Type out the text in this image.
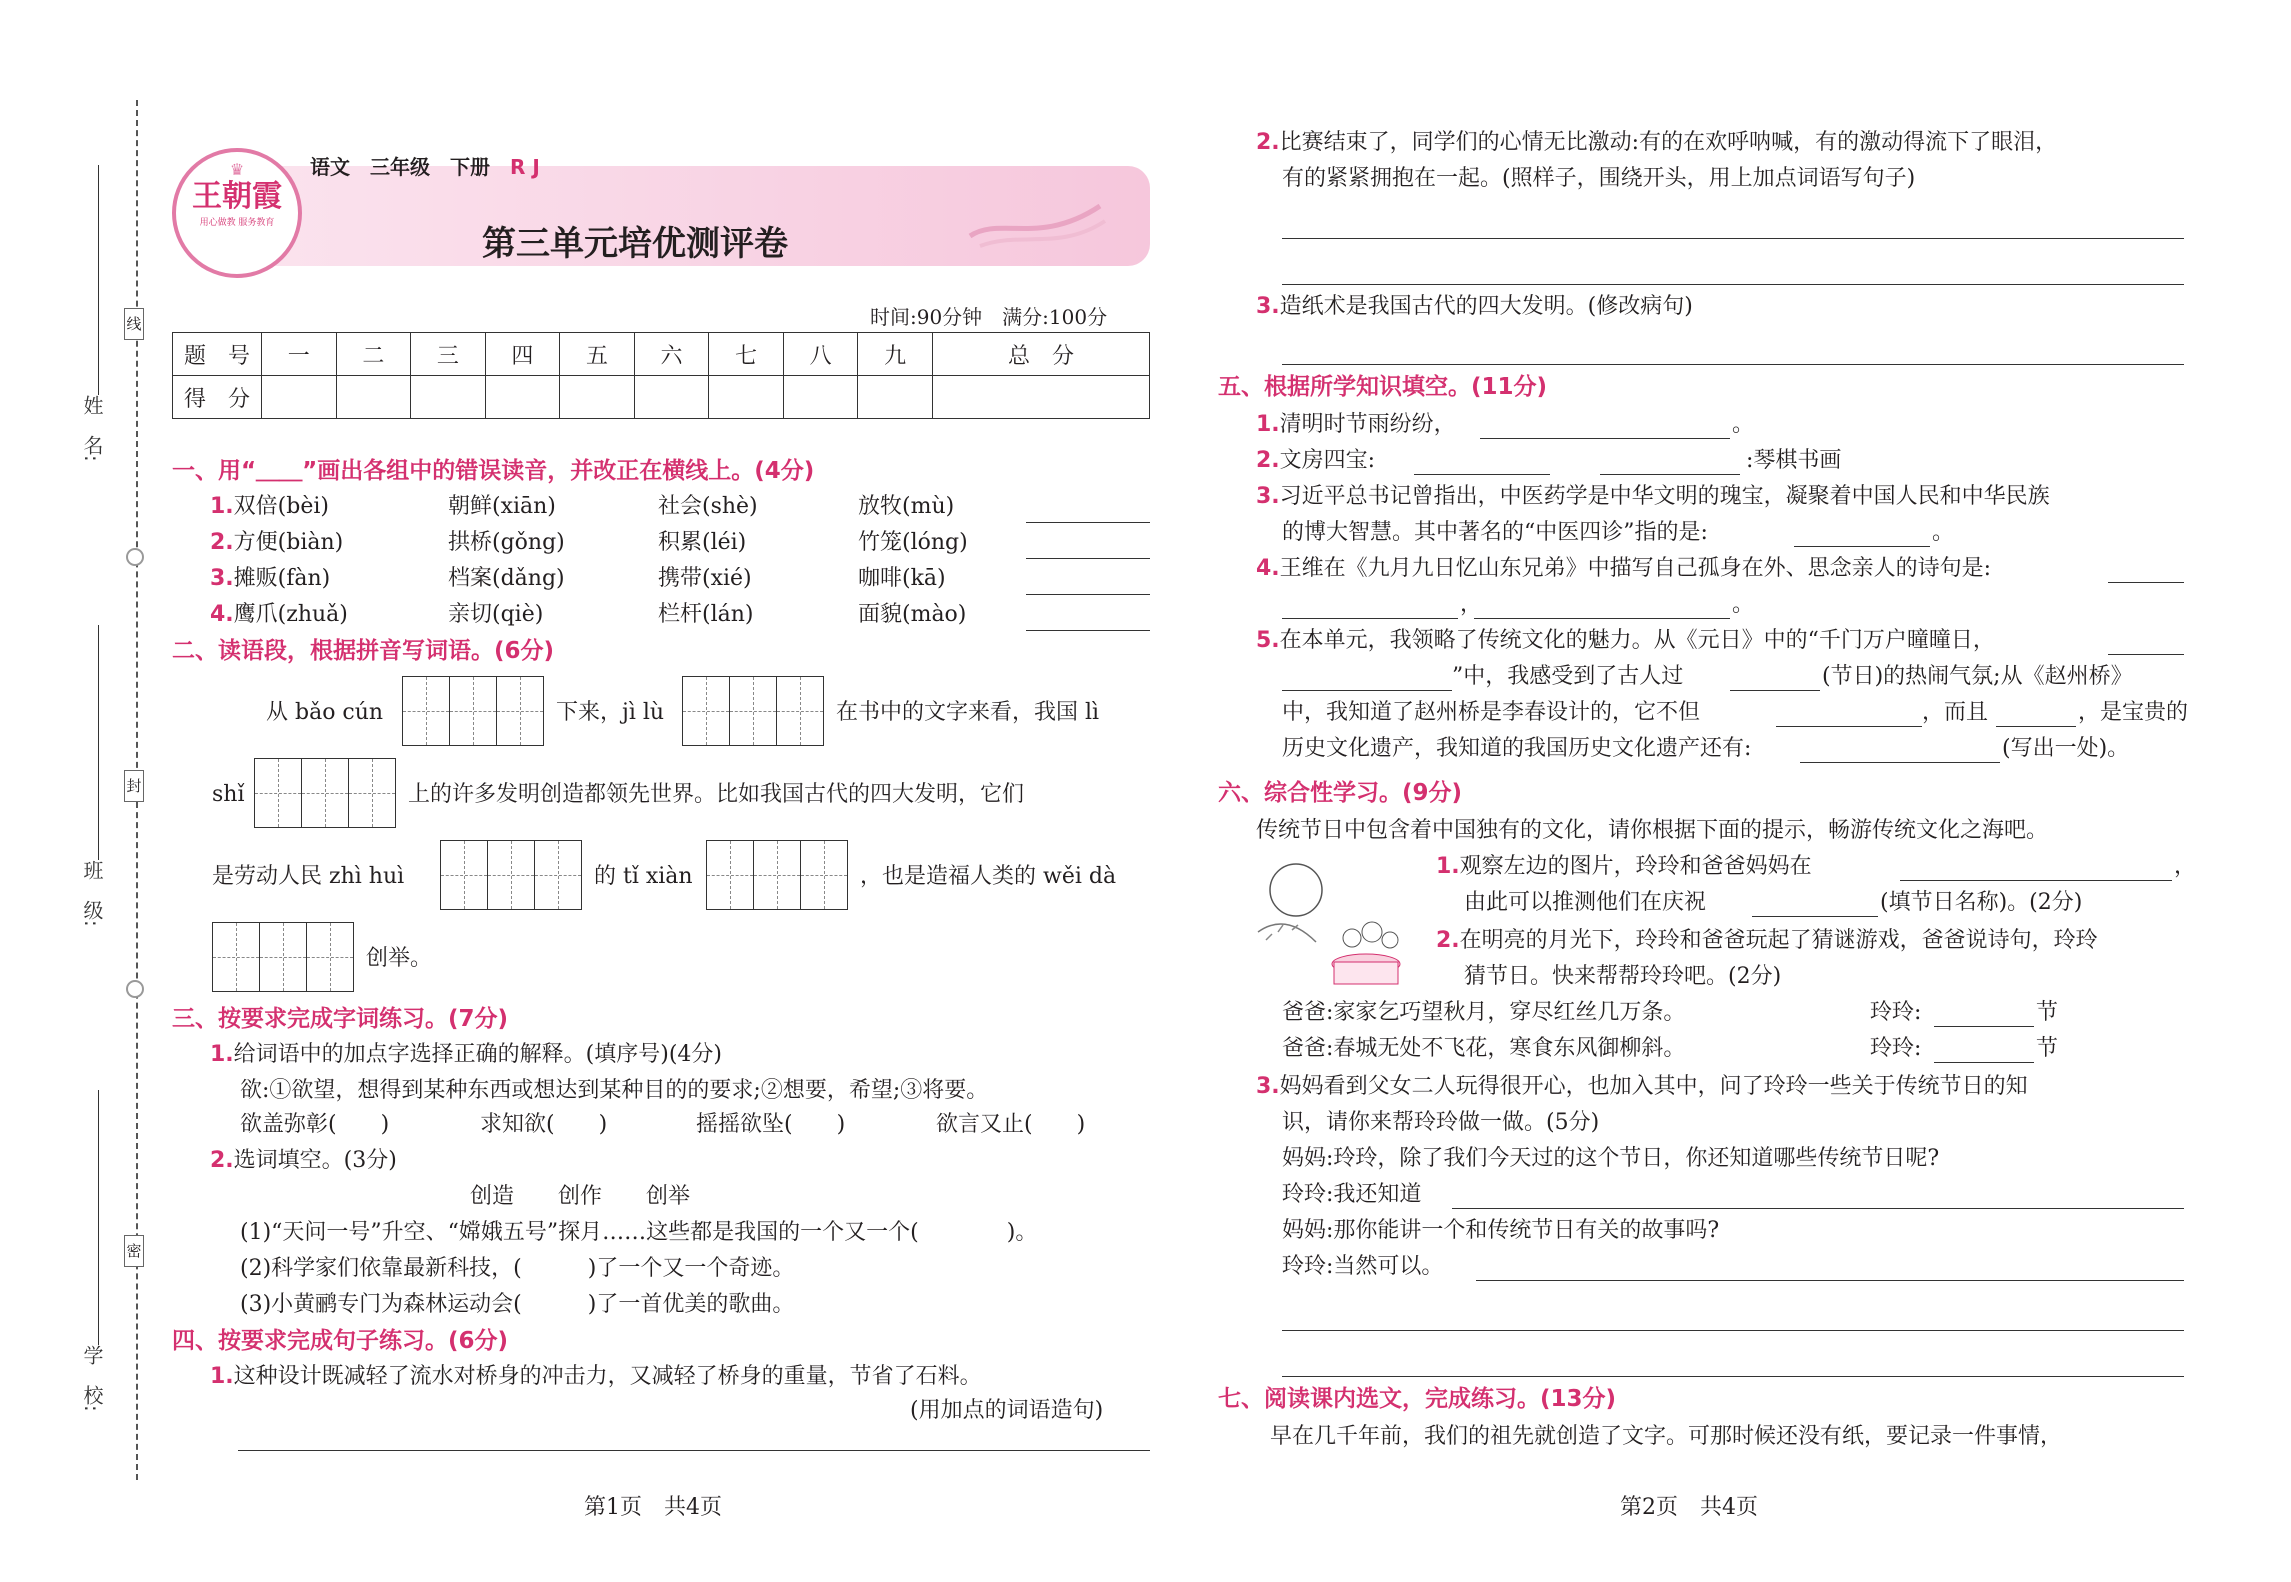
线
封
密
姓　名:
班　级:
学　校:
♛
王朝霞
用心做教 服务教育
语文　 三年级　 下册　 R J
第三单元培优测评卷
时间:90分钟　满分:100分
题　号	一	二	三	四	五	六	七	八	九	总　分
得　分										
一、用“＿＿”画出各组中的错误读音，并改正在横线上。(4分)
1.双倍(bèi)	朝鲜(xiān)	社会(shè)	放牧(mù)
2.方便(biàn)	拱桥(gǒng)	积累(léi)	竹笼(lóng)
3.摊贩(fàn)	档案(dǎng)	携带(xié)	咖啡(kā)
4.鹰爪(zhuǎ)	亲切(qiè)	栏杆(lán)	面貌(mào)
二、读语段，根据拼音写词语。(6分)
从 bǎo cún	下来，jì lù	在书中的文字来看，我国 lì
shǐ	上的许多发明创造都领先世界。比如我国古代的四大发明，它们
是劳动人民 zhì huì	的 tǐ xiàn	，也是造福人类的 wěi dà
创举。
三、按要求完成字词练习。(7分)
1.给词语中的加点字选择正确的解释。(填序号)(4分)
欲:①欲望，想得到某种东西或想达到某种目的的要求;②想要，希望;③将要。
欲盖弥彰(　　)	求知欲(　　)	摇摇欲坠(　　)	欲言又止(　　)
2.选词填空。(3分)
创造　　创作　　创举
(1)“天问一号”升空、“嫦娥五号”探月……这些都是我国的一个又一个(　　　　)。
(2)科学家们依靠最新科技，(　　　)了一个又一个奇迹。
(3)小黄鹂专门为森林运动会(　　　)了一首优美的歌曲。
四、按要求完成句子练习。(6分)
1.这种设计既减轻了流水对桥身的冲击力，又减轻了桥身的重量，节省了石料。
(用加点的词语造句)
第1页　共4页
2.比赛结束了，同学们的心情无比激动:有的在欢呼呐喊，有的激动得流下了眼泪，
有的紧紧拥抱在一起。(照样子，围绕开头，用上加点词语写句子)
3.造纸术是我国古代的四大发明。(修改病句)
五、根据所学知识填空。(11分)
1.清明时节雨纷纷，	。
2.文房四宝:	:琴棋书画
3.习近平总书记曾指出，中医药学是中华文明的瑰宝，凝聚着中国人民和中华民族
的博大智慧。其中著名的“中医四诊”指的是:	。
4.王维在《九月九日忆山东兄弟》中描写自己孤身在外、思念亲人的诗句是:
，	。
5.在本单元，我领略了传统文化的魅力。从《元日》中的“千门万户曈曈日，
”中，我感受到了古人过	(节日)的热闹气氛;从《赵州桥》
中，我知道了赵州桥是李春设计的，它不但	，而且	，是宝贵的
历史文化遗产，我知道的我国历史文化遗产还有:	(写出一处)。
六、综合性学习。(9分)
传统节日中包含着中国独有的文化，请你根据下面的提示，畅游传统文化之海吧。
1.观察左边的图片，玲玲和爸爸妈妈在	，
由此可以推测他们在庆祝	(填节日名称)。(2分)
2.在明亮的月光下，玲玲和爸爸玩起了猜谜游戏，爸爸说诗句，玲玲
猜节日。快来帮帮玲玲吧。(2分)
爸爸:家家乞巧望秋月，穿尽红丝几万条。	玲玲:	节
爸爸:春城无处不飞花，寒食东风御柳斜。	玲玲:	节
3.妈妈看到父女二人玩得很开心，也加入其中，问了玲玲一些关于传统节日的知
识，请你来帮玲玲做一做。(5分)
妈妈:玲玲，除了我们今天过的这个节日，你还知道哪些传统节日呢?
玲玲:我还知道
妈妈:那你能讲一个和传统节日有关的故事吗?
玲玲:当然可以。
七、阅读课内选文，完成练习。(13分)
早在几千年前，我们的祖先就创造了文字。可那时候还没有纸，要记录一件事情，
第2页　共4页
